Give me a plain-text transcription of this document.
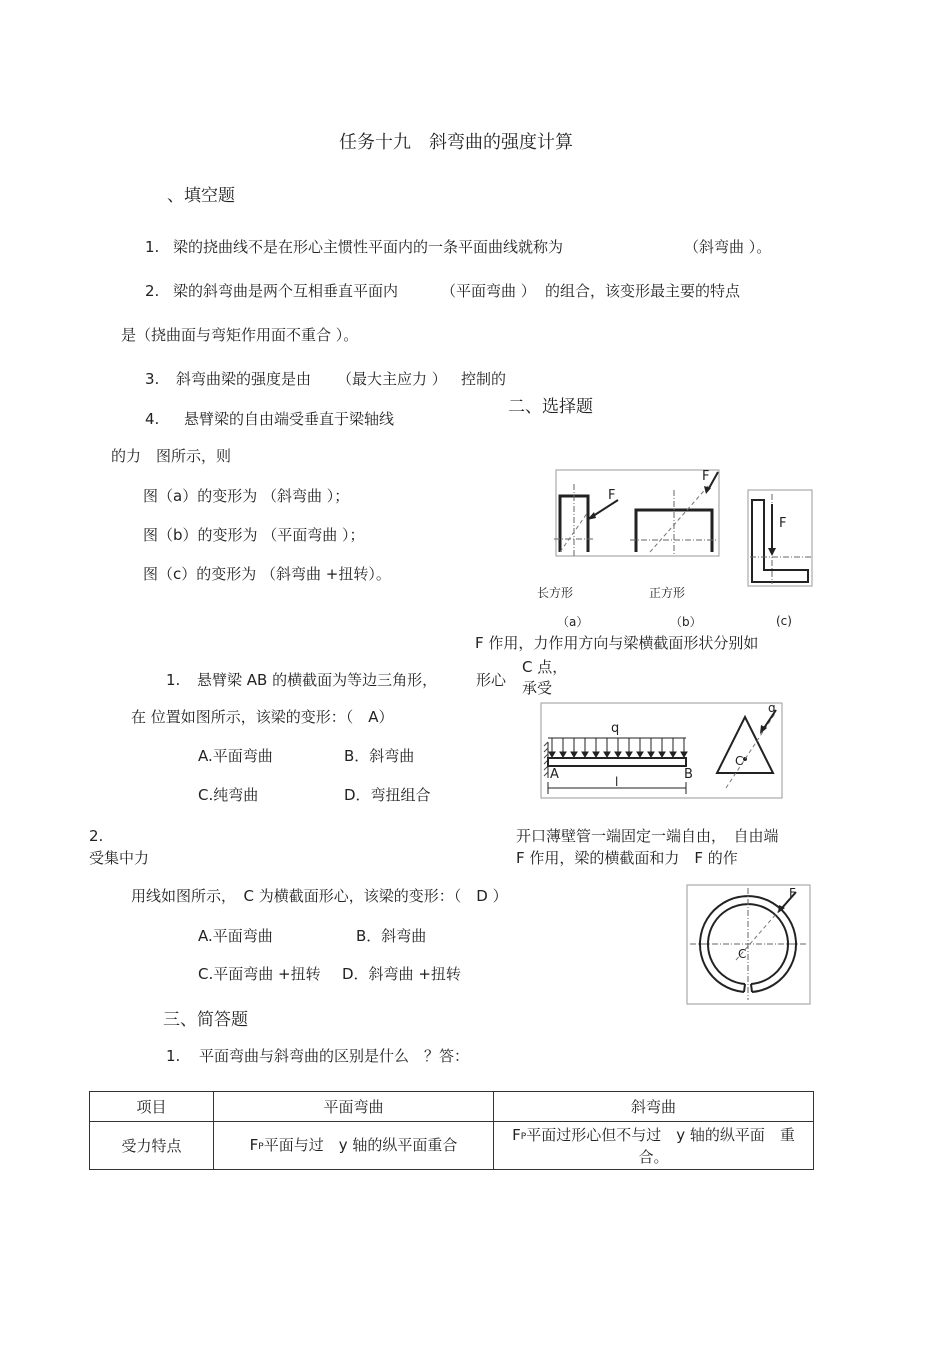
任务十九　斜弯曲的强度计算
、填空题
1. 梁的挠曲线不是在形心主惯性平面内的一条平面曲线就称为	（斜弯曲 ）。
2. 梁的斜弯曲是两个互相垂直平面内	（平面弯曲 ） 的组合，该变形最主要的特点
是（挠曲面与弯矩作用面不重合 ）。
3. 斜弯曲梁的强度是由 （最大主应力 ） 控制的
二、选择题
4. 悬臂梁的自由端受垂直于梁轴线
的力　图所示，则
图（a）的变形为 （斜弯曲 ）；
图（b）的变形为 （平面弯曲 ）；
图（c）的变形为 （斜弯曲 +扭转）。
F
F
F
长方形	正方形
（a）	（b）	(c)
F 作用，力作用方向与梁横截面形状分别如
C 点，
1. 悬臂梁 AB 的横截面为等边三角形，	形心 承受
在 位置如图所示，该梁的变形：（　A）
A.平面弯曲	B．斜弯曲
C.纯弯曲	D．弯扭组合
q
A	B
l
q
C
2.	开口薄壁管一端固定一端自由，　自由端
受集中力	F 作用，梁的横截面和力　F 的作
用线如图所示，　C 为横截面形心，该梁的变形：（　D ）
A.平面弯曲	B．斜弯曲
C.平面弯曲 +扭转 D．斜弯曲 +扭转
F
C
三、简答题
1. 平面弯曲与斜弯曲的区别是什么　？答：
项目	平面弯曲	斜弯曲
受力特点	FP平面与过　y 轴的纵平面重合	FP平面过形心但不与过　y 轴的纵平面　重
合。
